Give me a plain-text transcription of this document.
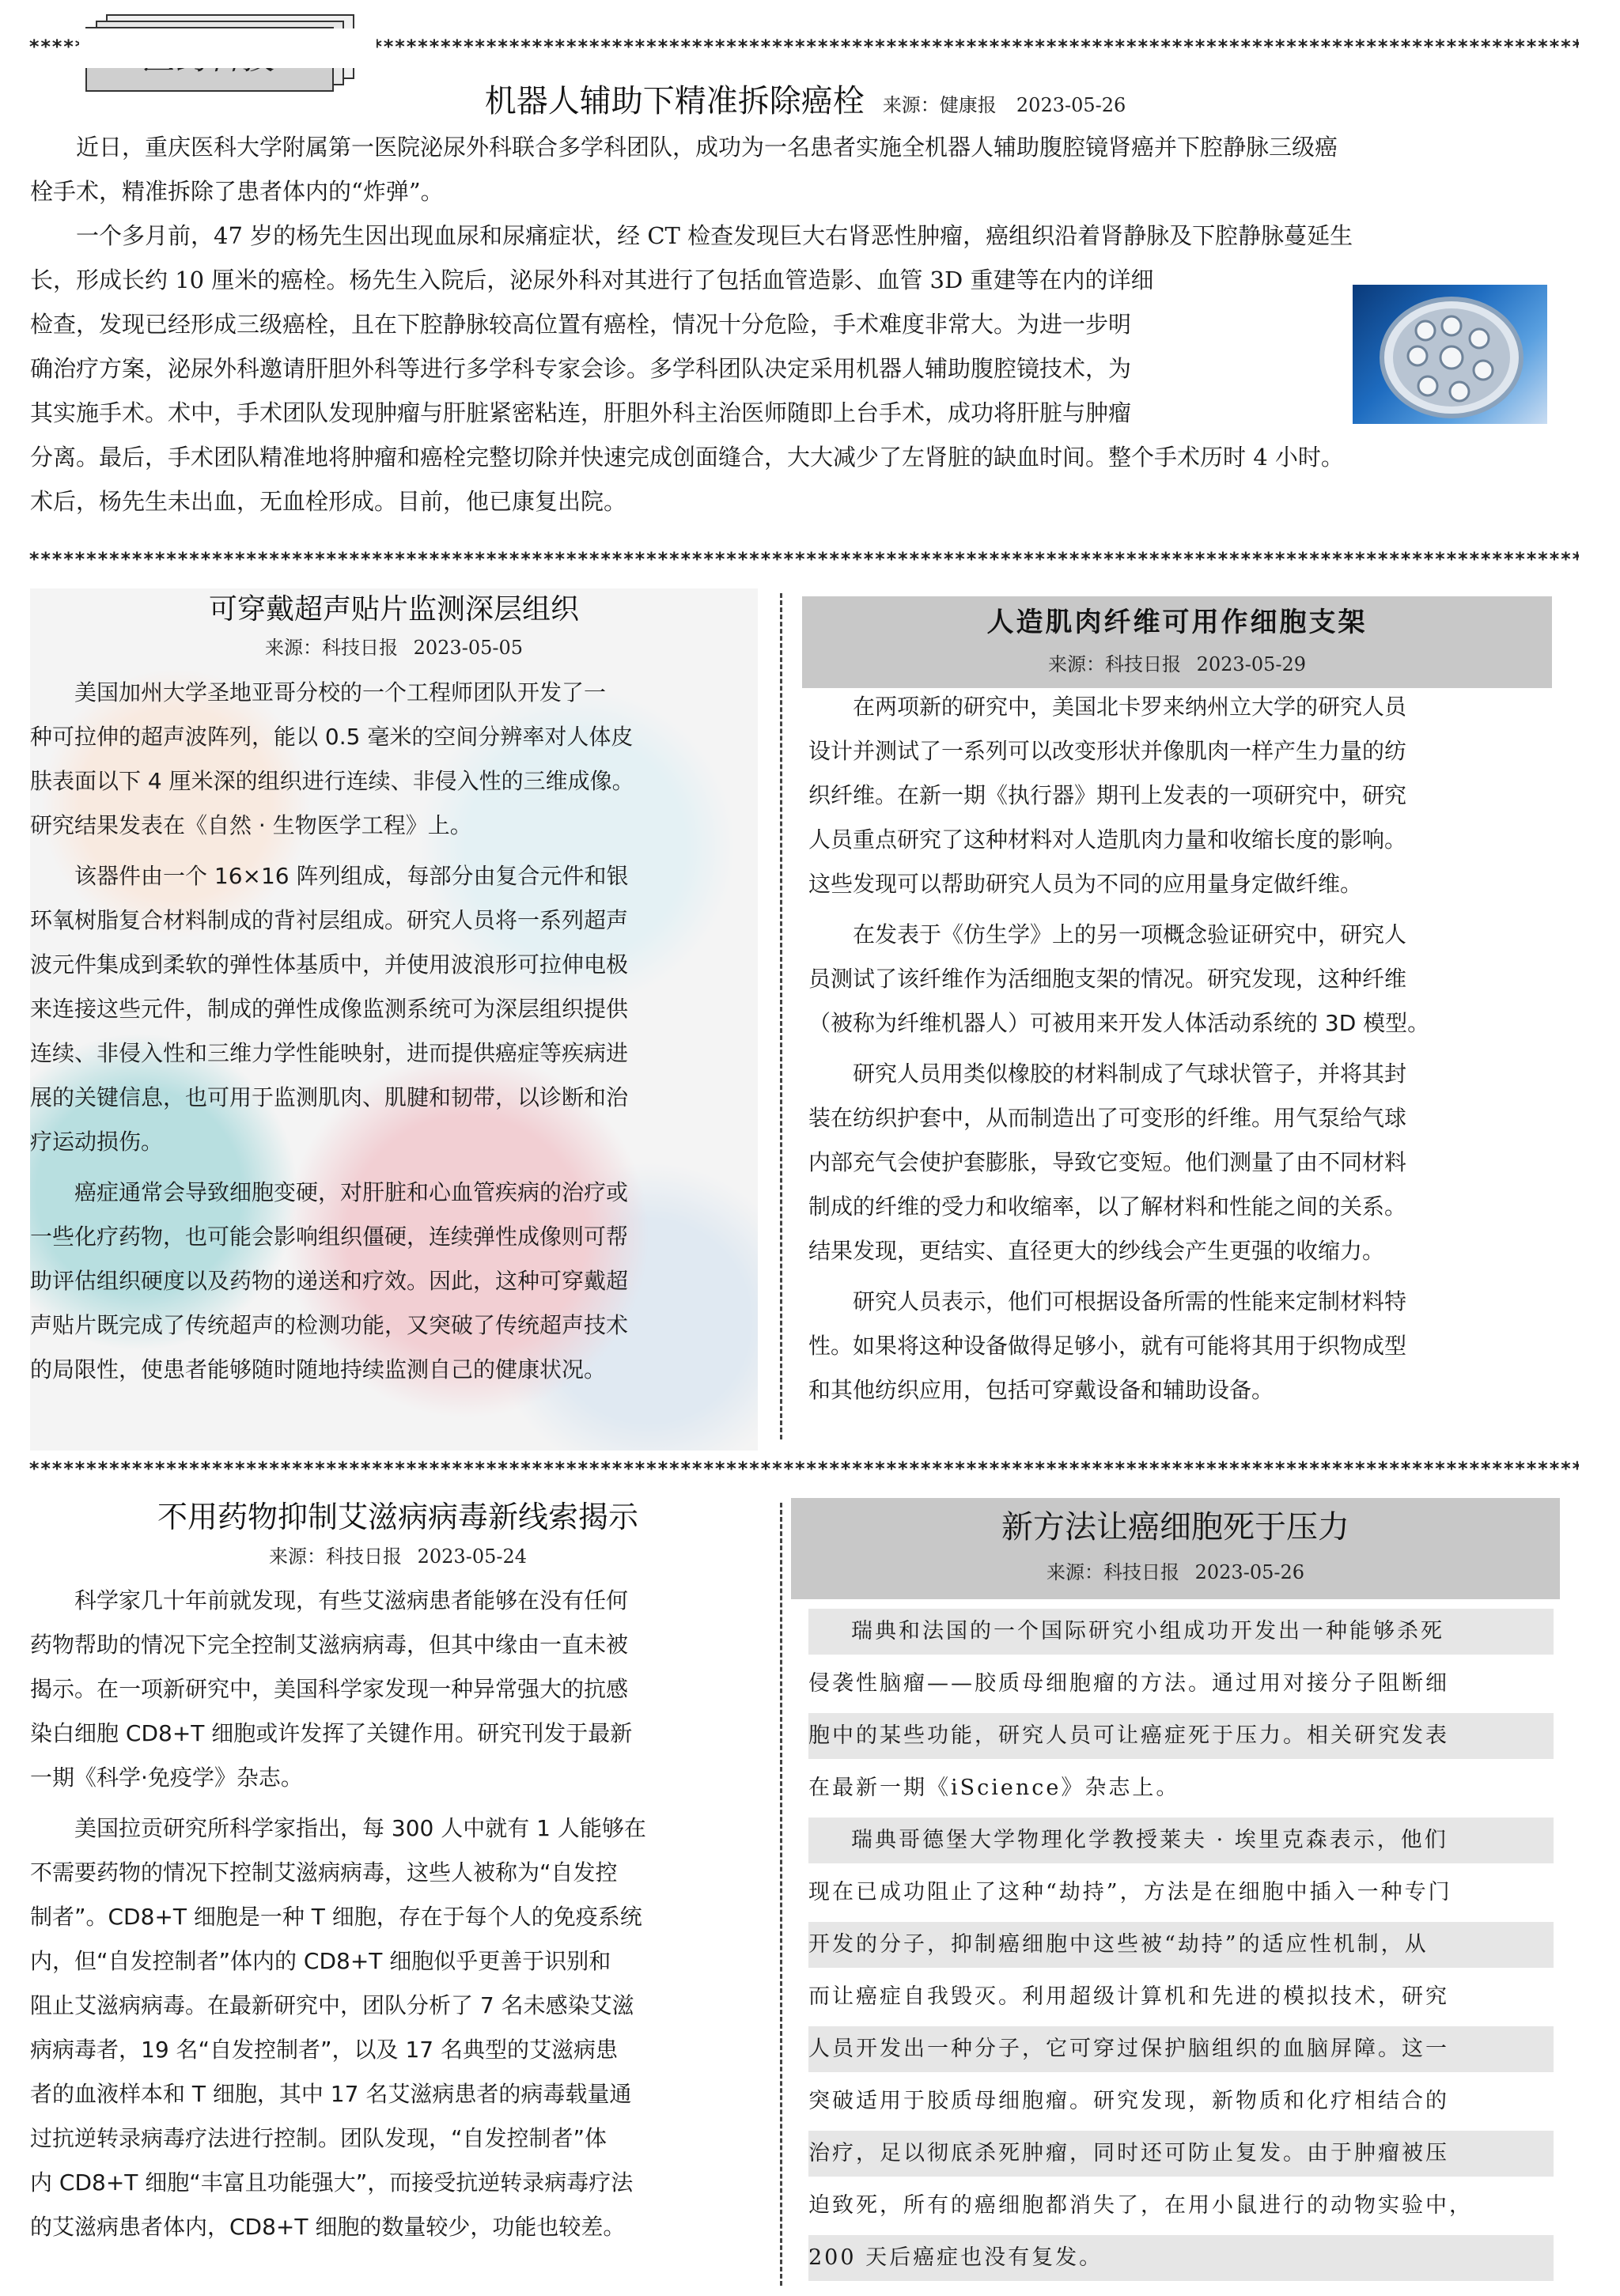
*****
机器人辅助下精准拆除癌栓 来源：健康报 2023-05-26
近日，重庆医科大学附属第一医院泌尿外科联合多学科团队，成功为一名患者实施全机器人辅助腹腔镜肾癌并下腔静脉三级癌
栓手术，精准拆除了患者体内的“炸弹”。
一个多月前，47 岁的杨先生因出现血尿和尿痛症状，经 CT 检查发现巨大右肾恶性肿瘤，癌组织沿着肾静脉及下腔静脉蔓延生
长，形成长约 10 厘米的癌栓。杨先生入院后，泌尿外科对其进行了包括血管造影、血管 3D 重建等在内的详细
检查，发现已经形成三级癌栓，且在下腔静脉较高位置有癌栓，情况十分危险，手术难度非常大。为进一步明
确治疗方案，泌尿外科邀请肝胆外科等进行多学科专家会诊。多学科团队决定采用机器人辅助腹腔镜技术，为
其实施手术。术中，手术团队发现肿瘤与肝脏紧密粘连，肝胆外科主治医师随即上台手术，成功将肝脏与肿瘤
分离。最后，手术团队精准地将肿瘤和癌栓完整切除并快速完成创面缝合，大大减少了左肾脏的缺血时间。整个手术历时 4 小时。
术后，杨先生未出血，无血栓形成。目前，他已康复出院。
*****
可穿戴超声贴片监测深层组织
来源：科技日报 2023-05-05
美国加州大学圣地亚哥分校的一个工程师团队开发了一
种可拉伸的超声波阵列，能以 0.5 毫米的空间分辨率对人体皮
肤表面以下 4 厘米深的组织进行连续、非侵入性的三维成像。
研究结果发表在《自然 · 生物医学工程》上。
该器件由一个 16×16 阵列组成，每部分由复合元件和银
环氧树脂复合材料制成的背衬层组成。研究人员将一系列超声
波元件集成到柔软的弹性体基质中，并使用波浪形可拉伸电极
来连接这些元件，制成的弹性成像监测系统可为深层组织提供
连续、非侵入性和三维力学性能映射，进而提供癌症等疾病进
展的关键信息，也可用于监测肌肉、肌腱和韧带，以诊断和治
疗运动损伤。
癌症通常会导致细胞变硬，对肝脏和心血管疾病的治疗或
一些化疗药物，也可能会影响组织僵硬，连续弹性成像则可帮
助评估组织硬度以及药物的递送和疗效。因此，这种可穿戴超
声贴片既完成了传统超声的检测功能，又突破了传统超声技术
的局限性，使患者能够随时随地持续监测自己的健康状况。
人造肌肉纤维可用作细胞支架
来源：科技日报 2023-05-29
在两项新的研究中，美国北卡罗来纳州立大学的研究人员
设计并测试了一系列可以改变形状并像肌肉一样产生力量的纺
织纤维。在新一期《执行器》期刊上发表的一项研究中，研究
人员重点研究了这种材料对人造肌肉力量和收缩长度的影响。
这些发现可以帮助研究人员为不同的应用量身定做纤维。
在发表于《仿生学》上的另一项概念验证研究中，研究人
员测试了该纤维作为活细胞支架的情况。研究发现，这种纤维
（被称为纤维机器人）可被用来开发人体活动系统的 3D 模型。
研究人员用类似橡胶的材料制成了气球状管子，并将其封
装在纺织护套中，从而制造出了可变形的纤维。用气泵给气球
内部充气会使护套膨胀，导致它变短。他们测量了由不同材料
制成的纤维的受力和收缩率，以了解材料和性能之间的关系。
结果发现，更结实、直径更大的纱线会产生更强的收缩力。
研究人员表示，他们可根据设备所需的性能来定制材料特
性。如果将这种设备做得足够小，就有可能将其用于织物成型
和其他纺织应用，包括可穿戴设备和辅助设备。
*****
不用药物抑制艾滋病病毒新线索揭示
来源：科技日报 2023-05-24
科学家几十年前就发现，有些艾滋病患者能够在没有任何
药物帮助的情况下完全控制艾滋病病毒，但其中缘由一直未被
揭示。在一项新研究中，美国科学家发现一种异常强大的抗感
染白细胞 CD8+T 细胞或许发挥了关键作用。研究刊发于最新
一期《科学·免疫学》杂志。
美国拉贡研究所科学家指出，每 300 人中就有 1 人能够在
不需要药物的情况下控制艾滋病病毒，这些人被称为“自发控
制者”。CD8+T 细胞是一种 T 细胞，存在于每个人的免疫系统
内，但“自发控制者”体内的 CD8+T 细胞似乎更善于识别和
阻止艾滋病病毒。在最新研究中，团队分析了 7 名未感染艾滋
病病毒者，19 名“自发控制者”，以及 17 名典型的艾滋病患
者的血液样本和 T 细胞，其中 17 名艾滋病患者的病毒载量通
过抗逆转录病毒疗法进行控制。团队发现，“自发控制者”体
内 CD8+T 细胞“丰富且功能强大”，而接受抗逆转录病毒疗法
的艾滋病患者体内，CD8+T 细胞的数量较少，功能也较差。
新方法让癌细胞死于压力
来源：科技日报 2023-05-26
瑞典和法国的一个国际研究小组成功开发出一种能够杀死
侵袭性脑瘤——胶质母细胞瘤的方法。通过用对接分子阻断细
胞中的某些功能，研究人员可让癌症死于压力。相关研究发表
在最新一期《iScience》杂志上。
瑞典哥德堡大学物理化学教授莱夫 · 埃里克森表示，他们
现在已成功阻止了这种“劫持”，方法是在细胞中插入一种专门
开发的分子，抑制癌细胞中这些被“劫持”的适应性机制，从
而让癌症自我毁灭。利用超级计算机和先进的模拟技术，研究
人员开发出一种分子，它可穿过保护脑组织的血脑屏障。这一
突破适用于胶质母细胞瘤。研究发现，新物质和化疗相结合的
治疗，足以彻底杀死肿瘤，同时还可防止复发。由于肿瘤被压
迫致死，所有的癌细胞都消失了，在用小鼠进行的动物实验中，
200 天后癌症也没有复发。
